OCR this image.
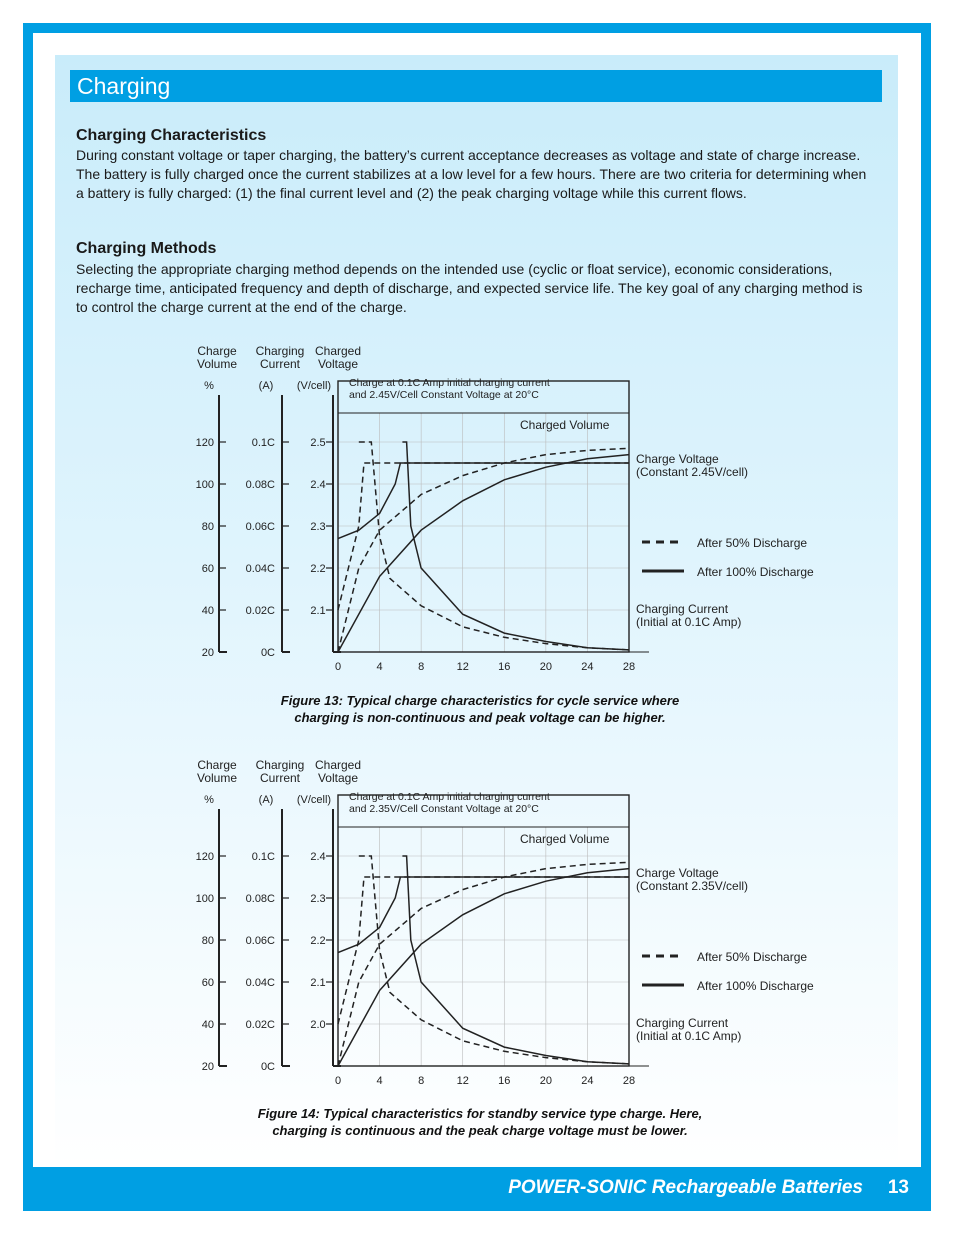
Charging
Charging Characteristics

During constant voltage or taper charging, the battery’s current acceptance decreases as voltage and state of charge increase. The battery is fully charged once the current stabilizes at a low level for a few hours. There are two criteria for determining when a battery is fully charged: (1) the final current level and (2) the peak charging voltage while this current flows.

Charging Methods

Selecting the appropriate charging method depends on the intended use (cyclic or float service), economic considerations, recharge time, anticipated frequency and depth of discharge, and expected service life. The key goal of any charging method is to control the charge current at the end of the charge.

Charge
Volume
Charging
Current
Charged
Voltage
%	(A) (V/cell)
20
40
60
80
100
120
0C
0.02C
0.04C
0.06C
0.08C
0.1C
2.1
2.2
2.3
2.4
2.5
0	4	8	12	16	20	24	28
Charge at 0.1C Amp initial charging current
and 2.45V/Cell Constant Voltage at 20°C
Charged Volume
Charge Voltage
(Constant 2.45V/cell)
Charging Current
(Initial at 0.1C Amp)
After 50% Discharge
After 100% Discharge
Figure 13: Typical charge characteristics for cycle service where
charging is non-continuous and peak voltage can be higher.
Charge
Volume
Charging
Current
Charged
Voltage
%	(A) (V/cell)
20
40
60
80
100
120
0C
0.02C
0.04C
0.06C
0.08C
0.1C
2.0
2.1
2.2
2.3
2.4
0	4	8	12	16	20	24	28
Charge at 0.1C Amp initial charging current
and 2.35V/Cell Constant Voltage at 20°C
Charged Volume
Charge Voltage
(Constant 2.35V/cell)
Charging Current
(Initial at 0.1C Amp)
After 50% Discharge
After 100% Discharge
Figure 14: Typical characteristics for standby service type charge. Here,
charging is continuous and the peak charge voltage must be lower.
POWER-SONIC Rechargeable Batteries 13
